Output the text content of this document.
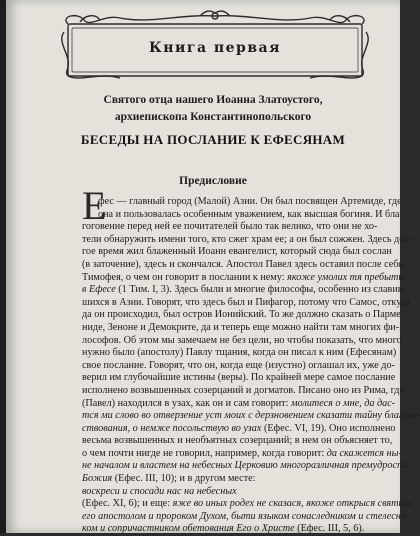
Книга первая
Святого отца нашего Иоанна Златоустого,
архиепископа Константинопольского
БЕСЕДЫ НА ПОСЛАНИЕ К ЕФЕСЯНАМ
Предисловие
Е
фес — главный город (Малой) Азии. Он был посвящен Артемиде, где
она и пользовалась особенным уважением, как высшая богиня. И бла-
гоговение перед ней ее почитателей было так велико, что они не хо-
тели обнаружить имени того, кто сжег храм ее; а он был сожжен. Здесь дол-
гое время жил блаженный Иоанн евангелист, который сюда был сослан
(в заточение), здесь и скончался. Апостол Павел здесь оставил после себя,
Тимофея, о чем он говорит в послании к нему: якоже умолих тя пребыти
в Ефесе (1 Тим. I, 3). Здесь были и многие философы, особенно из славив-
шихся в Азии. Говорят, что здесь был и Пифагор, потому что Самос, откуда
да он происходил, был остров Ионийский. То же должно сказать о Парме-
ниде, Зеноне и Демокрите, да и теперь еще можно найти там многих фи-
лософов. Об этом мы замечаем не без цели, но чтобы показать, что много
нужно было (апостолу) Павлу тщания, когда он писал к ним (Ефесянам)
свое послание. Говорят, что он, когда еще (изустно) оглашал их, уже до-
верил им глубочайшие истины (веры). По крайней мере самое послание
исполнено возвышенных созерцаний и догматов. Писано оно из Рима, где
(Павел) находился в узах, как он и сам говорит: молитеся о мне, да дас-
тся ми слово во отверзение уст моих с дерзновением сказати тайну благове-
ствования, о немже посольствую во узах (Ефес. VI, 19). Оно исполнено
весьма возвышенных и необъятных созерцаний; в нем он объясняет то,
о чем почти нигде не говорил, например, когда говорит: да скажется ны-
не началом и властем на небесных Церковию многоразличная премудрость
Божия (Ефес. III, 10); и в другом месте:
воскреси и спосади нас на небесных
(Ефес. XI, 6); и еще: яже во иных родех не сказася, якоже открыся святым
его апостолом и пророком Духом, быти языком сонаследником и стелесни-
ком и сопричастником обетования Его о Христе (Ефес. III, 5, 6).
